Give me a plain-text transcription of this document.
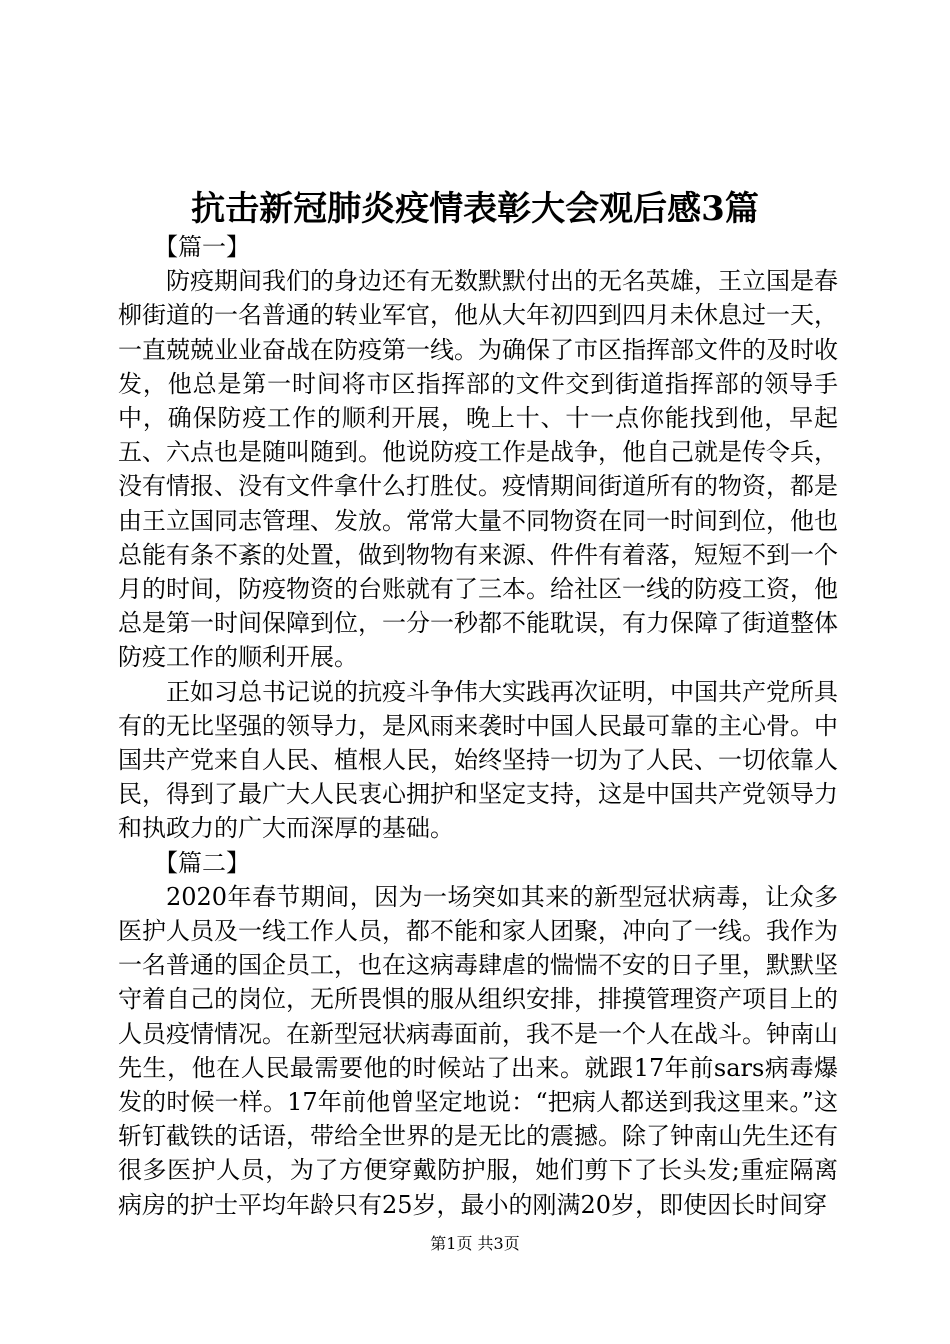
抗击新冠肺炎疫情表彰大会观后感3篇

【篇一】

防疫期间我们的身边还有无数默默付出的无名英雄，王立国是春柳街道的一名普通的转业军官，他从大年初四到四月未休息过一天，一直兢兢业业奋战在防疫第一线。为确保了市区指挥部文件的及时收发，他总是第一时间将市区指挥部的文件交到街道指挥部的领导手中，确保防疫工作的顺利开展，晚上十、十一点你能找到他，早起五、六点也是随叫随到。他说防疫工作是战争，他自己就是传令兵，没有情报、没有文件拿什么打胜仗。疫情期间街道所有的物资，都是由王立国同志管理、发放。常常大量不同物资在同一时间到位，他也总能有条不紊的处置，做到物物有来源、件件有着落，短短不到一个月的时间，防疫物资的台账就有了三本。给社区一线的防疫工资，他总是第一时间保障到位，一分一秒都不能耽误，有力保障了街道整体防疫工作的顺利开展。

正如习总书记说的抗疫斗争伟大实践再次证明，中国共产党所具有的无比坚强的领导力，是风雨来袭时中国人民最可靠的主心骨。中国共产党来自人民、植根人民，始终坚持一切为了人民、一切依靠人民，得到了最广大人民衷心拥护和坚定支持，这是中国共产党领导力和执政力的广大而深厚的基础。

【篇二】

2020年春节期间，因为一场突如其来的新型冠状病毒，让众多医护人员及一线工作人员，都不能和家人团聚，冲向了一线。我作为一名普通的国企员工，也在这病毒肆虐的惴惴不安的日子里，默默坚守着自己的岗位，无所畏惧的服从组织安排，排摸管理资产项目上的人员疫情情况。在新型冠状病毒面前，我不是一个人在战斗。钟南山先生，他在人民最需要他的时候站了出来。就跟17年前sars病毒爆发的时候一样。17年前他曾坚定地说：“把病人都送到我这里来。”这斩钉截铁的话语，带给全世界的是无比的震撼。除了钟南山先生还有很多医护人员，为了方便穿戴防护服，她们剪下了长头发;重症隔离病房的护士平均年龄只有25岁，最小的刚满20岁，即使因长时间穿

第1页 共3页
